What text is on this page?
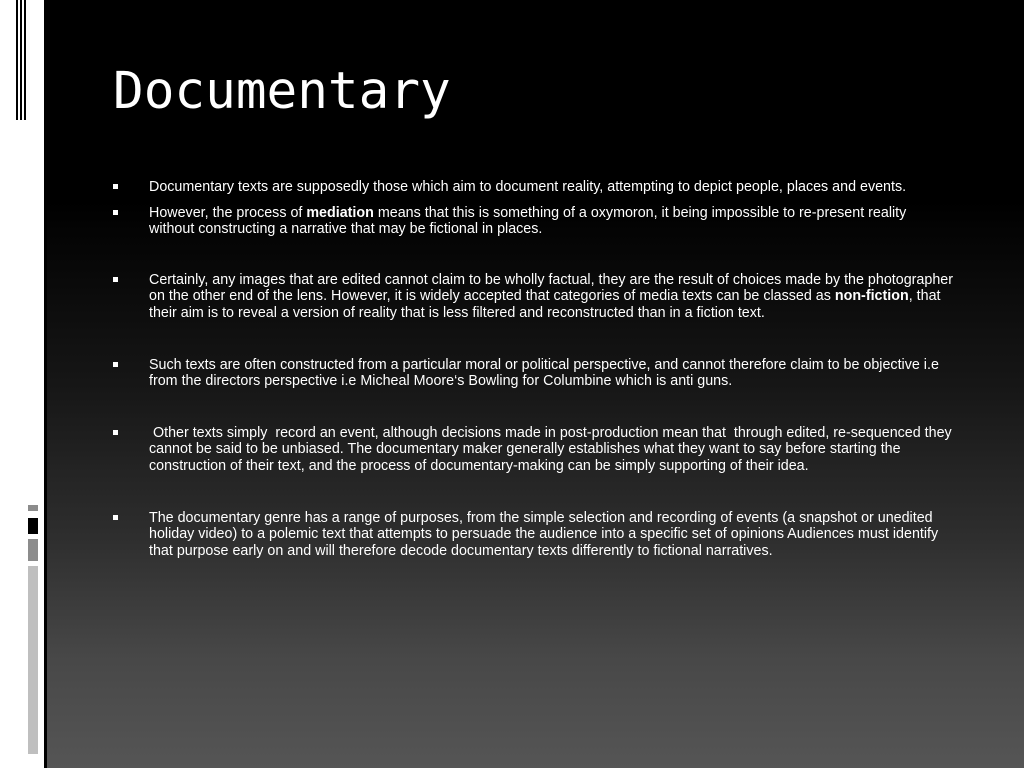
Documentary
Documentary texts are supposedly those which aim to document reality, attempting to depict people, places and events.
However, the process of mediation means that this is something of a oxymoron, it being impossible to re-present reality without constructing a narrative that may be fictional in places.
Certainly, any images that are edited cannot claim to be wholly factual, they are the result of choices made by the photographer on the other end of the lens. However, it is widely accepted that categories of media texts can be classed as non-fiction, that their aim is to reveal a version of reality that is less filtered and reconstructed than in a fiction text.
Such texts are often constructed from a particular moral or political perspective, and cannot therefore claim to be objective i.e from the directors perspective i.e Micheal Moore‘s Bowling for Columbine which is anti guns.
Other texts simply  record an event, although decisions made in post-production mean that  through edited, re-sequenced they cannot be said to be unbiased. The documentary maker generally establishes what they want to say before starting the construction of their text, and the process of documentary-making can be simply supporting of their idea.
The documentary genre has a range of purposes, from the simple selection and recording of events (a snapshot or unedited holiday video) to a polemic text that attempts to persuade the audience into a specific set of opinions Audiences must identify that purpose early on and will therefore decode documentary texts differently to fictional narratives.
